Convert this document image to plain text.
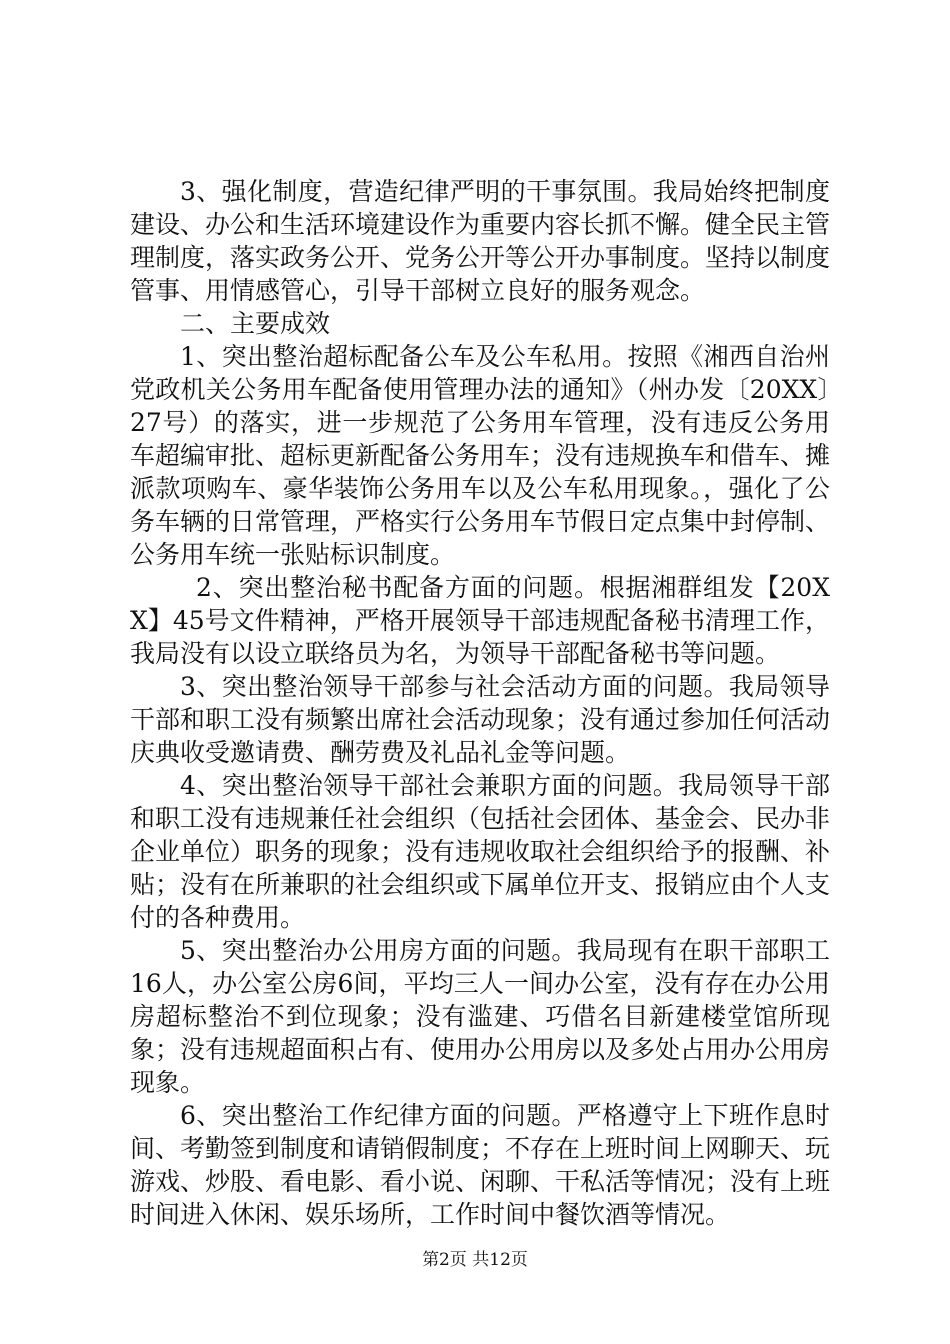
3、强化制度，营造纪律严明的干事氛围。我局始终把制度建设、办公和生活环境建设作为重要内容长抓不懈。健全民主管理制度，落实政务公开、党务公开等公开办事制度。坚持以制度管事、用情感管心，引导干部树立良好的服务观念。

二、主要成效

1、突出整治超标配备公车及公车私用。按照《湘西自治州党政机关公务用车配备使用管理办法的通知》（州办发〔20XX〕27号）的落实，进一步规范了公务用车管理，没有违反公务用车超编审批、超标更新配备公务用车；没有违规换车和借车、摊派款项购车、豪华装饰公务用车以及公车私用现象。，强化了公务车辆的日常管理，严格实行公务用车节假日定点集中封停制、公务用车统一张贴标识制度。

2、突出整治秘书配备方面的问题。根据湘群组发【20XX】45号文件精神，严格开展领导干部违规配备秘书清理工作，我局没有以设立联络员为名，为领导干部配备秘书等问题。

3、突出整治领导干部参与社会活动方面的问题。我局领导干部和职工没有频繁出席社会活动现象；没有通过参加任何活动庆典收受邀请费、酬劳费及礼品礼金等问题。

4、突出整治领导干部社会兼职方面的问题。我局领导干部和职工没有违规兼任社会组织（包括社会团体、基金会、民办非企业单位）职务的现象；没有违规收取社会组织给予的报酬、补贴；没有在所兼职的社会组织或下属单位开支、报销应由个人支付的各种费用。

5、突出整治办公用房方面的问题。我局现有在职干部职工16人，办公室公房6间，平均三人一间办公室，没有存在办公用房超标整治不到位现象；没有滥建、巧借名目新建楼堂馆所现象；没有违规超面积占有、使用办公用房以及多处占用办公用房现象。

6、突出整治工作纪律方面的问题。严格遵守上下班作息时间、考勤签到制度和请销假制度；不存在上班时间上网聊天、玩游戏、炒股、看电影、看小说、闲聊、干私活等情况；没有上班时间进入休闲、娱乐场所，工作时间中餐饮酒等情况。

第2页 共12页
